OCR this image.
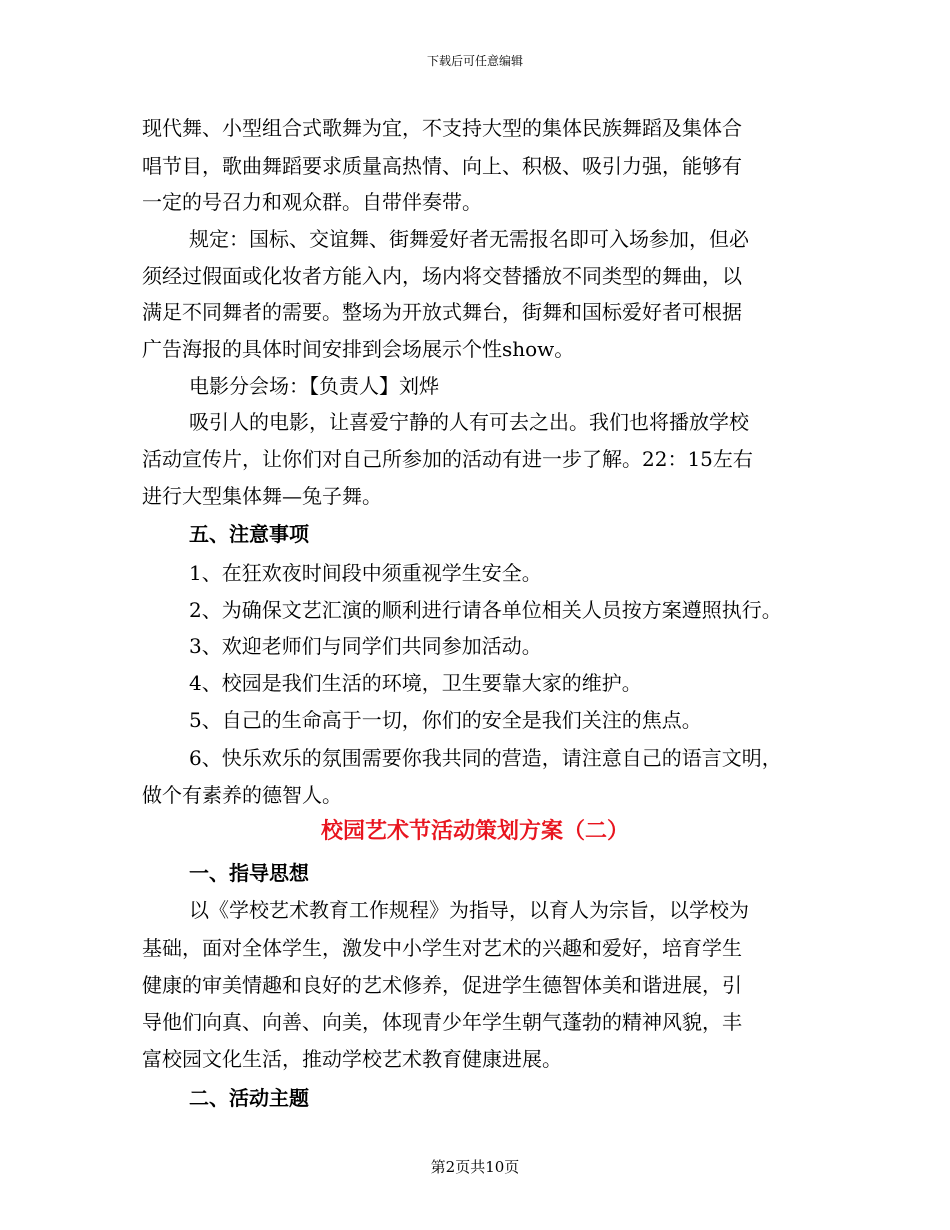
下载后可任意编辑
现代舞、小型组合式歌舞为宜，不支持大型的集体民族舞蹈及集体合
唱节目，歌曲舞蹈要求质量高热情、向上、积极、吸引力强，能够有
一定的号召力和观众群。自带伴奏带。
规定：国标、交谊舞、街舞爱好者无需报名即可入场参加，但必
须经过假面或化妆者方能入内，场内将交替播放不同类型的舞曲，以
满足不同舞者的需要。整场为开放式舞台，街舞和国标爱好者可根据
广告海报的具体时间安排到会场展示个性show。
电影分会场：【负责人】刘烨
吸引人的电影，让喜爱宁静的人有可去之出。我们也将播放学校
活动宣传片，让你们对自己所参加的活动有进一步了解。22：15左右
进行大型集体舞—兔子舞。
五、注意事项
1、在狂欢夜时间段中须重视学生安全。
2、为确保文艺汇演的顺利进行请各单位相关人员按方案遵照执行。
3、欢迎老师们与同学们共同参加活动。
4、校园是我们生活的环境，卫生要靠大家的维护。
5、自己的生命高于一切，你们的安全是我们关注的焦点。
6、快乐欢乐的氛围需要你我共同的营造，请注意自己的语言文明，
做个有素养的德智人。
校园艺术节活动策划方案（二）
一、指导思想
以《学校艺术教育工作规程》为指导，以育人为宗旨，以学校为
基础，面对全体学生，激发中小学生对艺术的兴趣和爱好，培育学生
健康的审美情趣和良好的艺术修养，促进学生德智体美和谐进展，引
导他们向真、向善、向美，体现青少年学生朝气蓬勃的精神风貌，丰
富校园文化生活，推动学校艺术教育健康进展。
二、活动主题
第2页共10页
